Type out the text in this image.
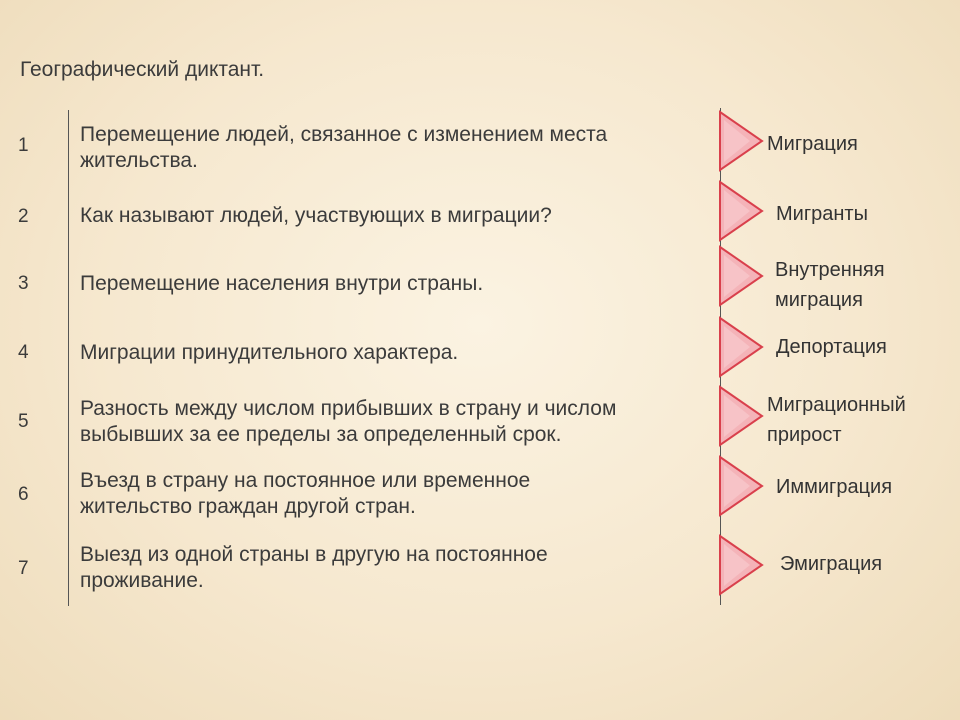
Географический диктант.
1 Перемещение людей, связанное с изменением места жительства.
Миграция
2 Как называют людей, участвующих в миграции?	Мигранты
3 Перемещение населения внутри страны.
Внутренняя миграция
4 Миграции принудительного характера.	Депортация
5
Разность между числом прибывших в страну и числом выбывших за ее пределы за определенный срок.
Миграционный прирост
6
Въезд в страну на постоянное или временное жительство граждан другой стран.
Иммиграция
7
Выезд из одной страны в другую на постоянное проживание.
Эмиграция
